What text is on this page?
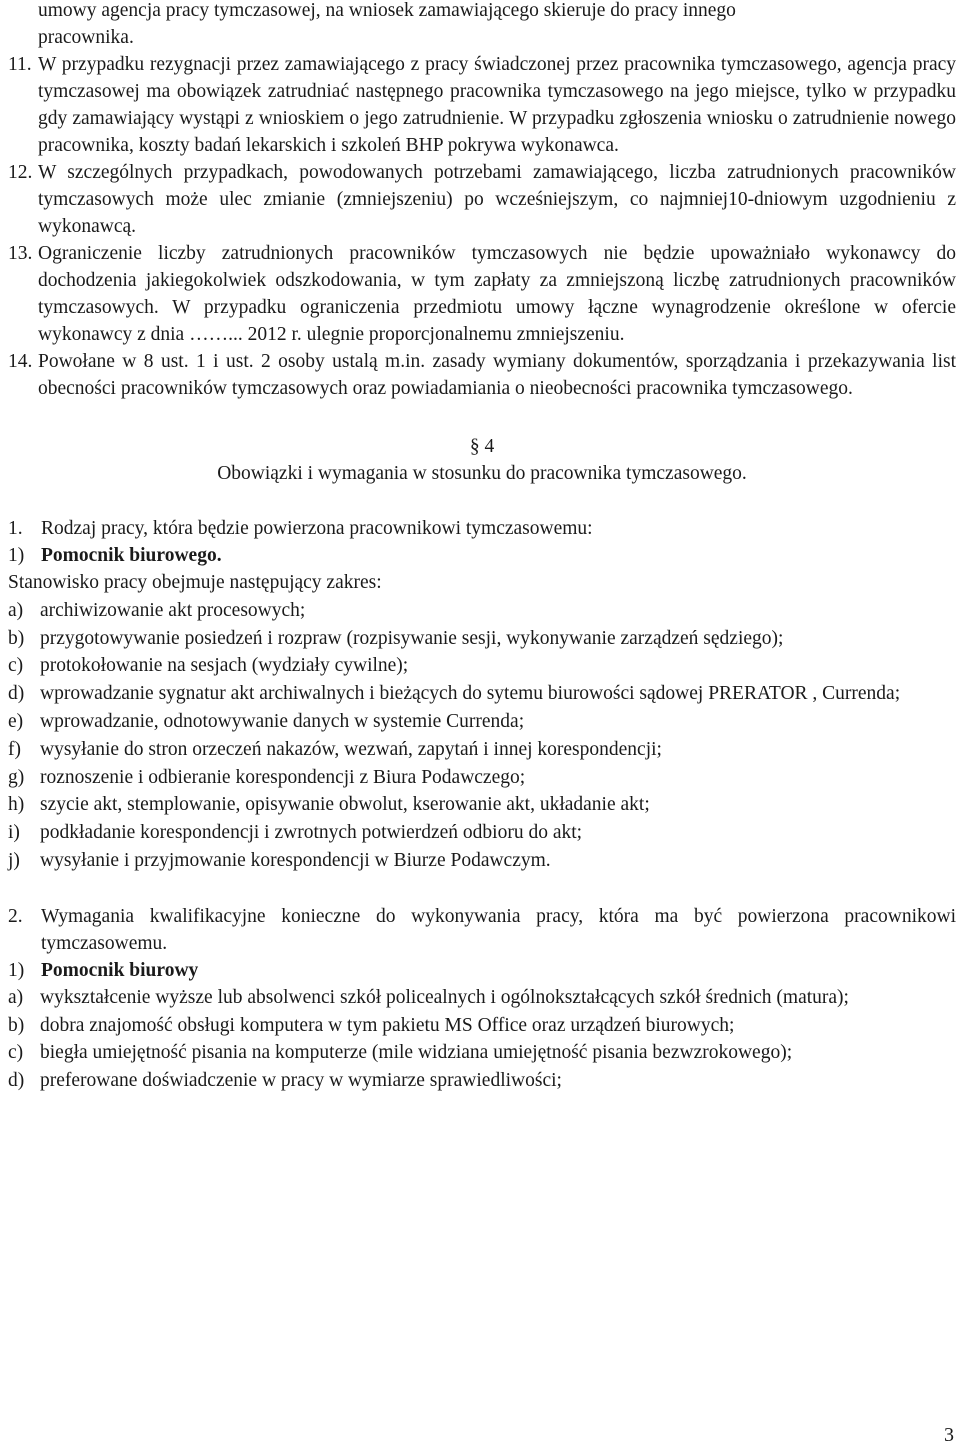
umowy agencja pracy tymczasowej, na wniosek zamawiającego skieruje do pracy innego

pracownika.

11. W przypadku rezygnacji przez zamawiającego z pracy świadczonej przez pracownika tymczasowego, agencja pracy tymczasowej ma obowiązek zatrudniać następnego pracownika tymczasowego na jego miejsce, tylko w przypadku gdy zamawiający wystąpi z wnioskiem o jego zatrudnienie. W przypadku zgłoszenia wniosku o zatrudnienie nowego pracownika, koszty badań lekarskich i szkoleń BHP pokrywa wykonawca.

12. W szczególnych przypadkach, powodowanych potrzebami zamawiającego, liczba zatrudnionych pracowników tymczasowych może ulec zmianie (zmniejszeniu) po wcześniejszym, co najmniej10-dniowym uzgodnieniu z wykonawcą.

13. Ograniczenie liczby zatrudnionych pracowników tymczasowych nie będzie upoważniało wykonawcy do dochodzenia jakiegokolwiek odszkodowania, w tym zapłaty za zmniejszoną liczbę zatrudnionych pracowników tymczasowych. W przypadku ograniczenia przedmiotu umowy łączne wynagrodzenie określone w ofercie wykonawcy z dnia ……... 2012 r. ulegnie proporcjonalnemu zmniejszeniu.

14. Powołane w 8 ust. 1 i ust. 2 osoby ustalą m.in. zasady wymiany dokumentów, sporządzania i przekazywania list obecności pracowników tymczasowych oraz powiadamiania o nieobecności pracownika tymczasowego.

§ 4

Obowiązki i wymagania w stosunku do pracownika tymczasowego.

1. Rodzaj pracy, która będzie powierzona pracownikowi tymczasowemu:

1) Pomocnik biurowego.

Stanowisko pracy obejmuje następujący zakres:

a) archiwizowanie akt procesowych;
b) przygotowywanie posiedzeń i rozpraw (rozpisywanie sesji, wykonywanie zarządzeń sędziego);
c) protokołowanie na sesjach (wydziały cywilne);
d) wprowadzanie sygnatur akt archiwalnych i bieżących do sytemu biurowości sądowej PRERATOR , Currenda;
e) wprowadzanie, odnotowywanie danych w systemie Currenda;
f) wysyłanie do stron orzeczeń nakazów, wezwań, zapytań i innej korespondencji;
g) roznoszenie i odbieranie korespondencji z Biura Podawczego;
h) szycie akt, stemplowanie, opisywanie obwolut, kserowanie akt, układanie akt;
i)	podkładanie korespondencji i zwrotnych potwierdzeń odbioru do akt;
j)	wysyłanie i przyjmowanie korespondencji w Biurze Podawczym.
2. Wymagania kwalifikacyjne konieczne do wykonywania pracy, która ma być powierzona pracownikowi tymczasowemu.

1) Pomocnik biurowy
a) wykształcenie wyższe lub absolwenci szkół policealnych i ogólnokształcących szkół średnich (matura);
b) dobra znajomość obsługi komputera w tym pakietu MS Office oraz urządzeń biurowych;
c) biegła umiejętność pisania na komputerze (mile widziana umiejętność pisania bezwzrokowego);
d) preferowane doświadczenie w pracy w wymiarze sprawiedliwości;
3
